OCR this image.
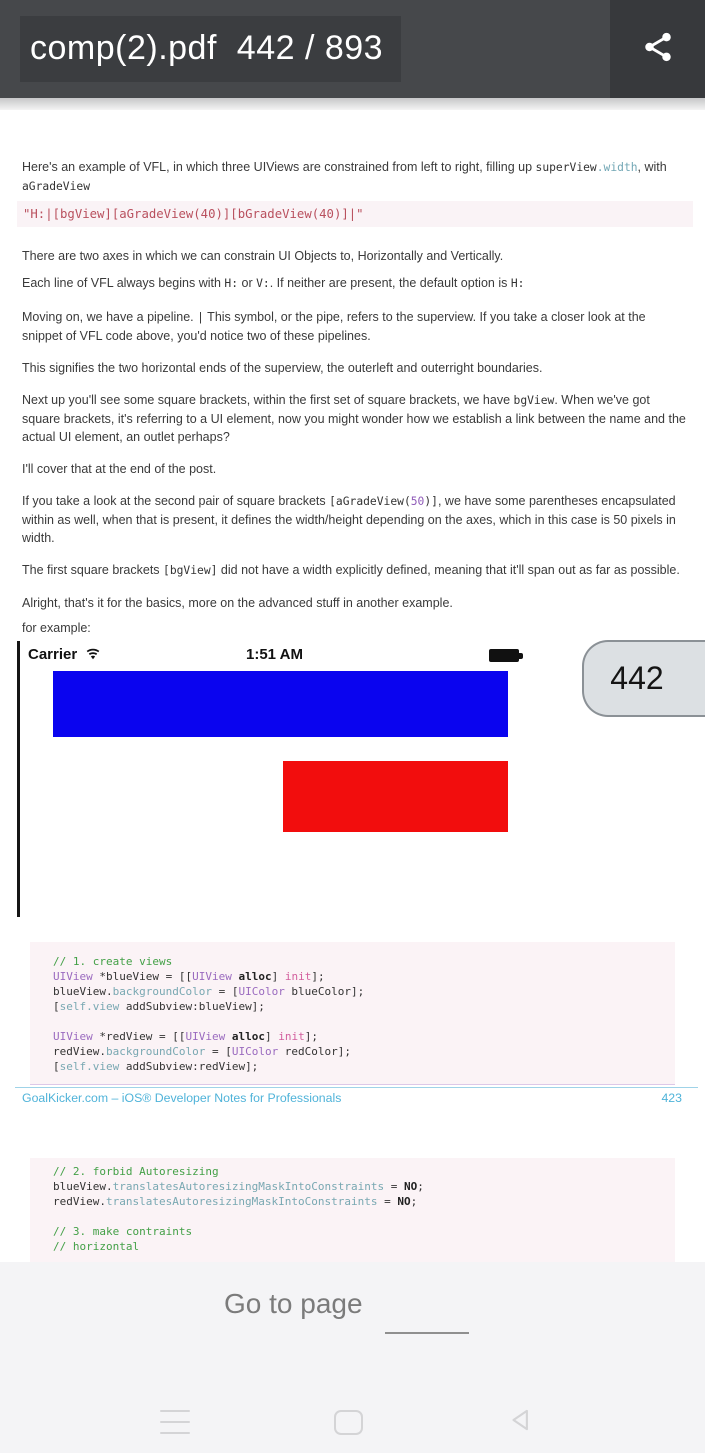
comp(2).pdf  442 / 893

Here's an example of VFL, in which three UIViews are constrained from left to right, filling up superView.width, with aGradeView

"H:|[bgView][aGradeView(40)][bGradeView(40)]|"

There are two axes in which we can constrain UI Objects to, Horizontally and Vertically.

Each line of VFL always begins with H: or V:. If neither are present, the default option is H:

Moving on, we have a pipeline. | This symbol, or the pipe, refers to the superview. If you take a closer look at the snippet of VFL code above, you'd notice two of these pipelines.

This signifies the two horizontal ends of the superview, the outerleft and outerright boundaries.

Next up you'll see some square brackets, within the first set of square brackets, we have bgView. When we've got square brackets, it's referring to a UI element, now you might wonder how we establish a link between the name and the actual UI element, an outlet perhaps?

I'll cover that at the end of the post.

If you take a look at the second pair of square brackets [aGradeView(50)], we have some parentheses encapsulated within as well, when that is present, it defines the width/height depending on the axes, which in this case is 50 pixels in width.

The first square brackets [bgView] did not have a width explicitly defined, meaning that it'll span out as far as possible.

Alright, that's it for the basics, more on the advanced stuff in another example.

for example:

Carrier	1:51 AM
// 1. create views
UIView *blueView = [[UIView alloc] init];
blueView.backgroundColor = [UIColor blueColor];
[self.view addSubview:blueView];

UIView *redView = [[UIView alloc] init];
redView.backgroundColor = [UIColor redColor];
[self.view addSubview:redView];
GoalKicker.com – iOS® Developer Notes for Professionals	423
// 2. forbid Autoresizing
blueView.translatesAutoresizingMaskIntoConstraints = NO;
redView.translatesAutoresizingMaskIntoConstraints = NO;

// 3. make contraints
// horizontal
442
Go to page
